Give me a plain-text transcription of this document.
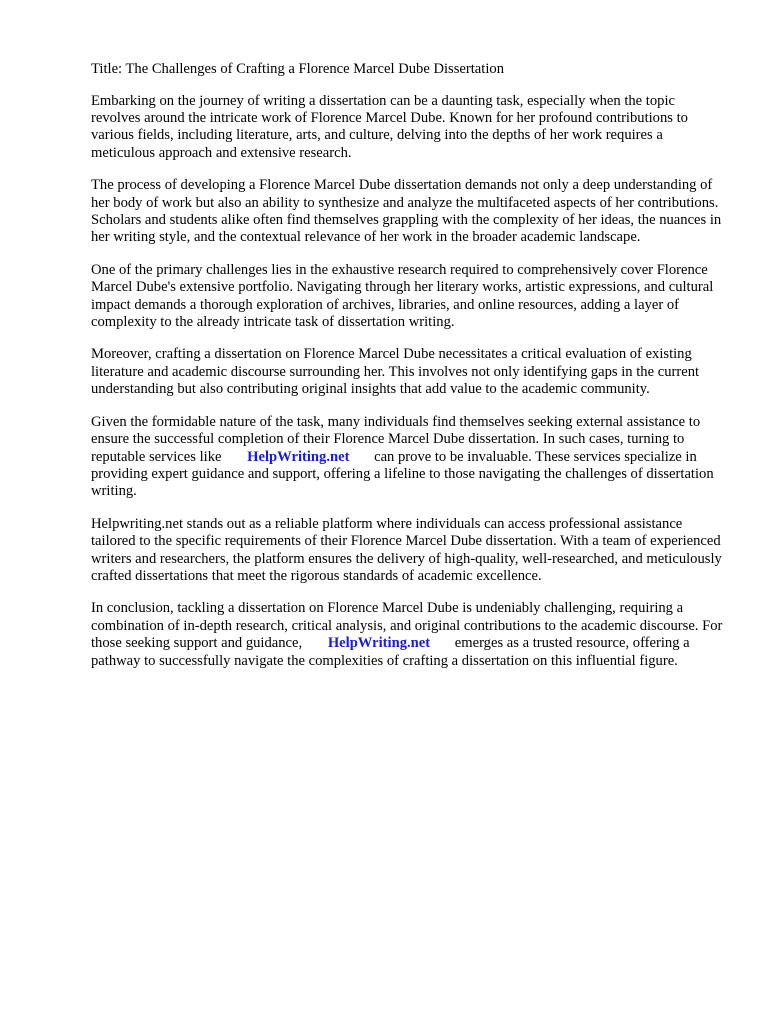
Title: The Challenges of Crafting a Florence Marcel Dube Dissertation

Embarking on the journey of writing a dissertation can be a daunting task, especially when the topic revolves around the intricate work of Florence Marcel Dube. Known for her profound contributions to various fields, including literature, arts, and culture, delving into the depths of her work requires a meticulous approach and extensive research.

The process of developing a Florence Marcel Dube dissertation demands not only a deep understanding of her body of work but also an ability to synthesize and analyze the multifaceted aspects of her contributions. Scholars and students alike often find themselves grappling with the complexity of her ideas, the nuances in her writing style, and the contextual relevance of her work in the broader academic landscape.

One of the primary challenges lies in the exhaustive research required to comprehensively cover Florence Marcel Dube's extensive portfolio. Navigating through her literary works, artistic expressions, and cultural impact demands a thorough exploration of archives, libraries, and online resources, adding a layer of complexity to the already intricate task of dissertation writing.

Moreover, crafting a dissertation on Florence Marcel Dube necessitates a critical evaluation of existing literature and academic discourse surrounding her. This involves not only identifying gaps in the current understanding but also contributing original insights that add value to the academic community.

Given the formidable nature of the task, many individuals find themselves seeking external assistance to ensure the successful completion of their Florence Marcel Dube dissertation. In such cases, turning to reputable services like HelpWriting.net can prove to be invaluable. These services specialize in providing expert guidance and support, offering a lifeline to those navigating the challenges of dissertation writing.

Helpwriting.net stands out as a reliable platform where individuals can access professional assistance tailored to the specific requirements of their Florence Marcel Dube dissertation. With a team of experienced writers and researchers, the platform ensures the delivery of high-quality, well-researched, and meticulously crafted dissertations that meet the rigorous standards of academic excellence.

In conclusion, tackling a dissertation on Florence Marcel Dube is undeniably challenging, requiring a combination of in-depth research, critical analysis, and original contributions to the academic discourse. For those seeking support and guidance, HelpWriting.net emerges as a trusted resource, offering a pathway to successfully navigate the complexities of crafting a dissertation on this influential figure.
